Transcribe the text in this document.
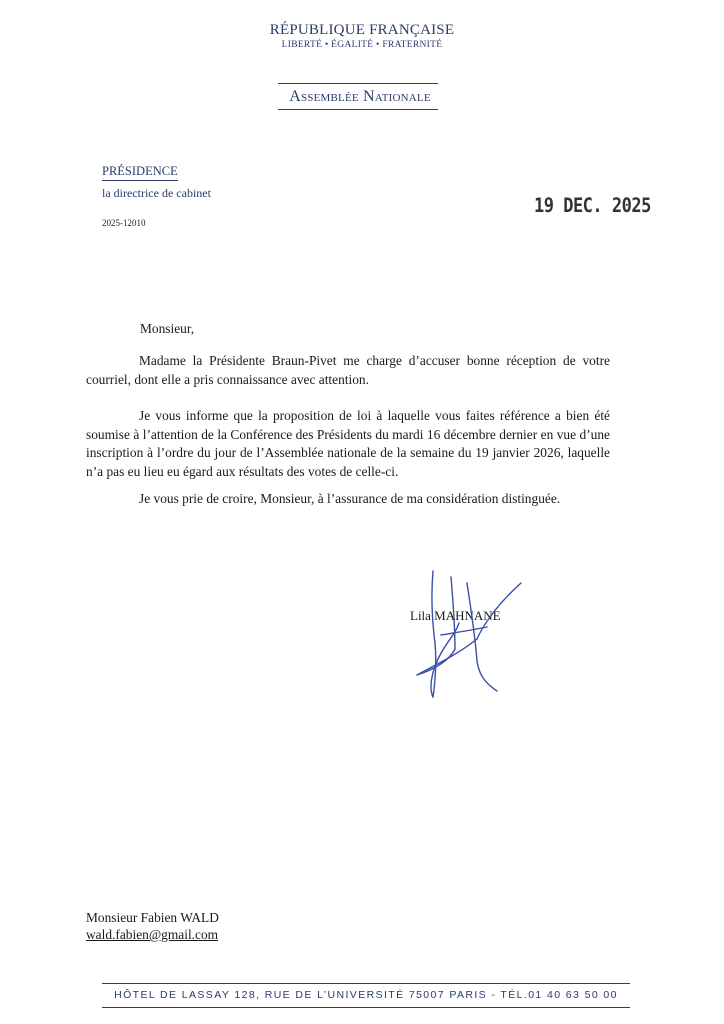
RÉPUBLIQUE FRANÇAISE
LIBERTÉ • ÉGALITÉ • FRATERNITÉ
Assemblée Nationale
PRÉSIDENCE
la directrice de cabinet
2025-12010
19 DEC. 2025

Monsieur,

Madame la Présidente Braun-Pivet me charge d’accuser bonne réception de votre courriel, dont elle a pris connaissance avec attention.

Je vous informe que la proposition de loi à laquelle vous faites référence a bien été soumise à l’attention de la Conférence des Présidents du mardi 16 décembre dernier en vue d’une inscription à l’ordre du jour de l’Assemblée nationale de la semaine du 19 janvier 2026, laquelle n’a pas eu lieu eu égard aux résultats des votes de celle-ci.

Je vous prie de croire, Monsieur, à l’assurance de ma considération distinguée.

Lila MAHNANE
Monsieur Fabien WALD
wald.fabien@gmail.com
HÔTEL DE LASSAY 128, RUE DE L’UNIVERSITÉ 75007 PARIS - TÉL.01 40 63 50 00
